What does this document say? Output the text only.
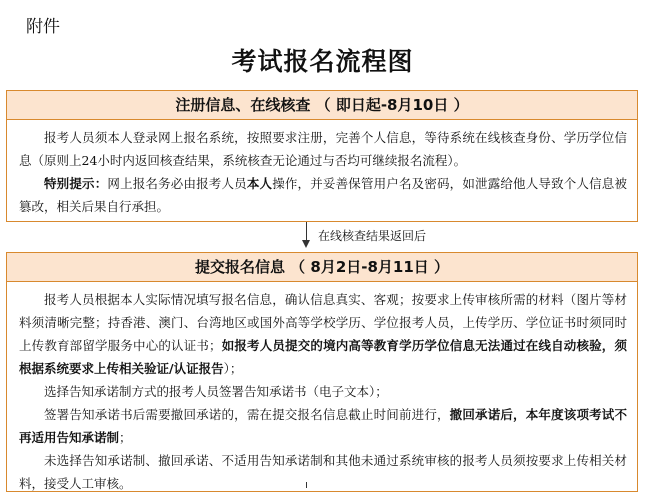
附件
考试报名流程图
注册信息、在线核查 （ 即日起-8月10日 ）

报考人员须本人登录网上报名系统，按照要求注册，完善个人信息，等待系统在线核查身份、学历学位信息（原则上24小时内返回核查结果，系统核查无论通过与否均可继续报名流程）。

特别提示：网上报名务必由报考人员本人操作，并妥善保管用户名及密码，如泄露给他人导致个人信息被篡改，相关后果自行承担。

在线核查结果返回后
提交报名信息 （ 8月2日-8月11日 ）

报考人员根据本人实际情况填写报名信息，确认信息真实、客观；按要求上传审核所需的材料（图片等材料须清晰完整；持香港、澳门、台湾地区或国外高等学校学历、学位报考人员，上传学历、学位证书时须同时上传教育部留学服务中心的认证书；如报考人员提交的境内高等教育学历学位信息无法通过在线自动核验，须根据系统要求上传相关验证/认证报告）；

选择告知承诺制方式的报考人员签署告知承诺书（电子文本）；

签署告知承诺书后需要撤回承诺的，需在提交报名信息截止时间前进行，撤回承诺后，本年度该项考试不再适用告知承诺制；

未选择告知承诺制、撤回承诺、不适用告知承诺制和其他未通过系统审核的报考人员须按要求上传相关材料，接受人工审核。
